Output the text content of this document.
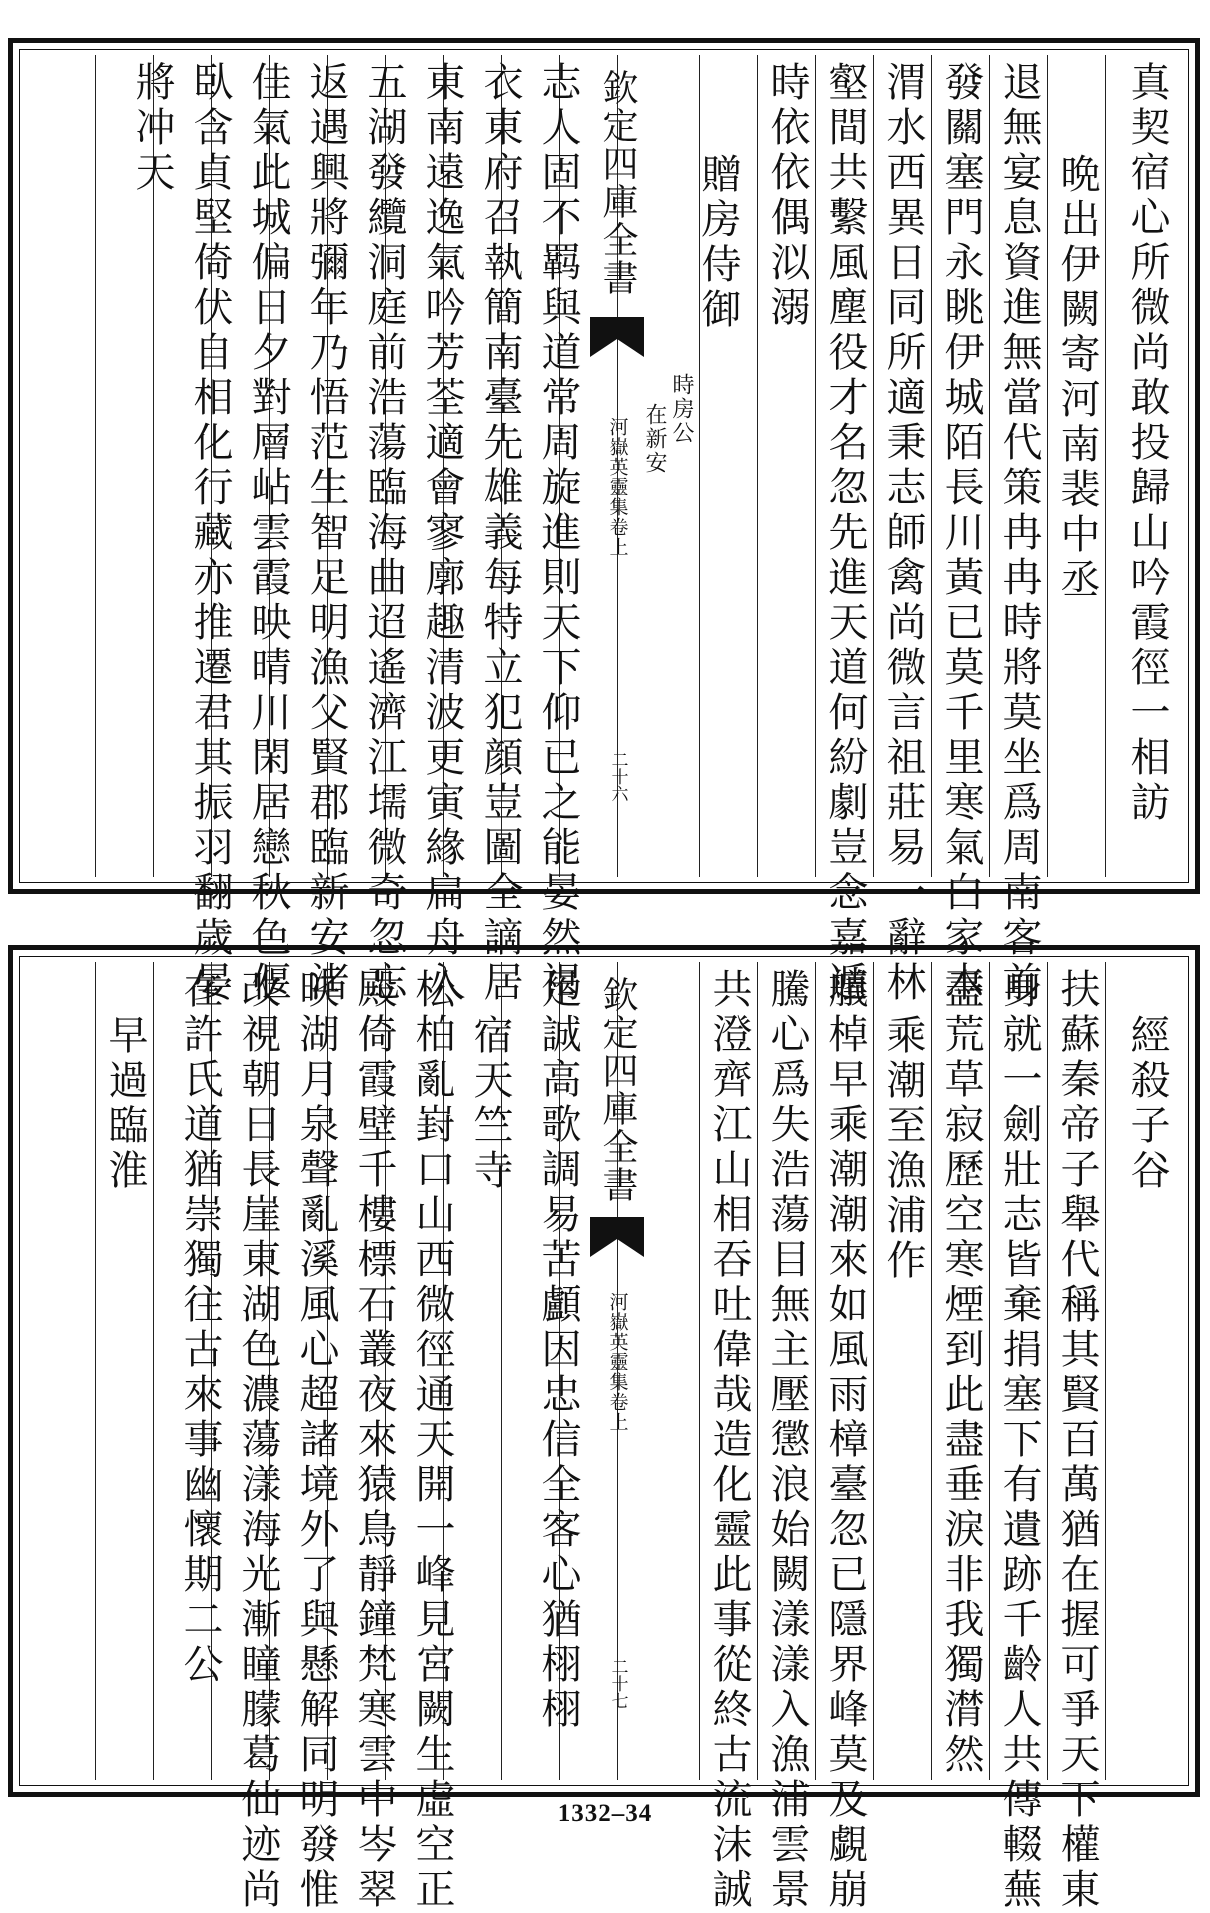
真契宿心所微尚敢投歸山吟霞徑一相訪
晩出伊闕寄河南裴中丞
退無宴息資進無當代策冉冉時將莫坐爲周南客前
發關塞門永眺伊城陌長川黃已莫千里寒氣白家本
渭水西異日同所適秉志師禽尚微言祖莊易一辭林
壑間共繫風塵役才名忽先進天道何紛劇豈念嘉遁
時依依偶泤溺
贈房侍御
時房公
在新安
欽定四庫全書
河嶽英靈集卷上
二十六
志人固不羁與道常周旋進則天下仰已之能晏然褐
衣東府召執簡南臺先雄義每特立犯顔豈圖全謫居
東南遠逸氣吟芳荃適會寥廓趣清波更寅緣扁舟入
五湖發纜洞庭前浩蕩臨海曲迢遙濟江壖微奇忽忘
返遇興將彌年乃悟范生智足明漁父賢郡臨新安渚
佳氣此城偏日夕對層岾雲霞映晴川閑居戀秋色偃
臥含貞堅倚伏自相化行藏亦推遷君其振羽翻歲晏
將冲天
經殺子谷
扶蘇秦帝子舉代稱其賢百萬猶在握可爭天下權東
身就一劍壯志皆棄捐塞下有遺跡千齡人共傳輟蕪
盡荒草寂歷空寒煙到此盡垂淚非我獨潸然
乘潮至漁浦作
艤棹早乘潮潮來如風雨樟臺忽已隱界峰莫及覷崩
騰心爲失浩蕩目無主壓懲浪始闕漾漾入漁浦雲景
共澄齊江山相吞吐偉哉造化靈此事從終古流沫誠
欽定四庫全書
河嶽英靈集卷上
二十七
足誠高歌調易苦顱因忠信全客心猶栩栩
宿天竺寺
松柏亂崶口山西微徑通天開一峰見宮闕生虛空正
殿倚霞壁千樓標石叢夜來猿鳥靜鐘梵寒雲中岑翠
映湖月泉聲亂溪風心超諸境外了與懸解同明發惟
改視朝日長崖東湖色濃蕩漾海光漸瞳朦葛仙迹尚
在許氏道猶崇獨往古來事幽懷期二公
早過臨淮
1332–34
